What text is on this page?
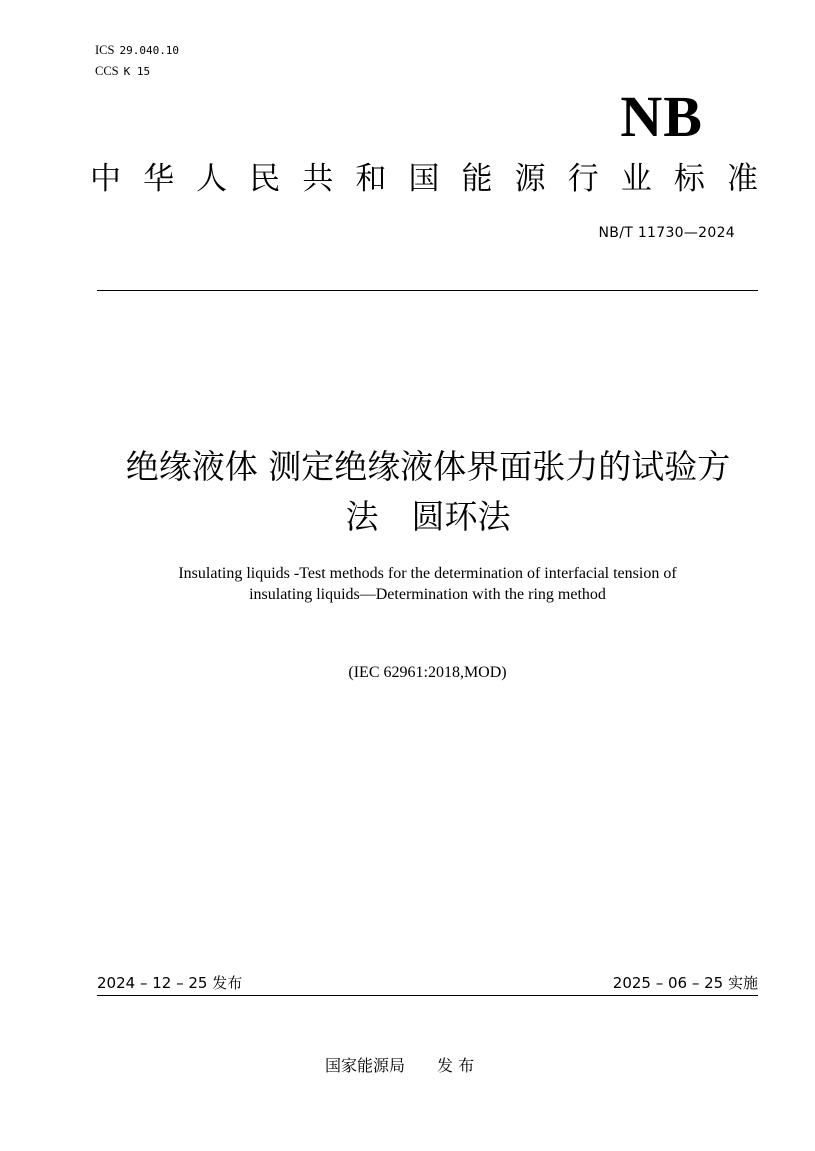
ICS 29.040.10
CCS K 15
NB
中 华 人 民 共 和 国 能 源 行 业 标 准
NB/T 11730—2024
绝缘液体 测定绝缘液体界面张力的试验方
法　圆环法
Insulating liquids -Test methods for the determination of interfacial tension of
insulating liquids—Determination with the ring method
(IEC 62961:2018,MOD)
2024 – 12 – 25 发布	2025 – 06 – 25 实施
国家能源局　　发 布
